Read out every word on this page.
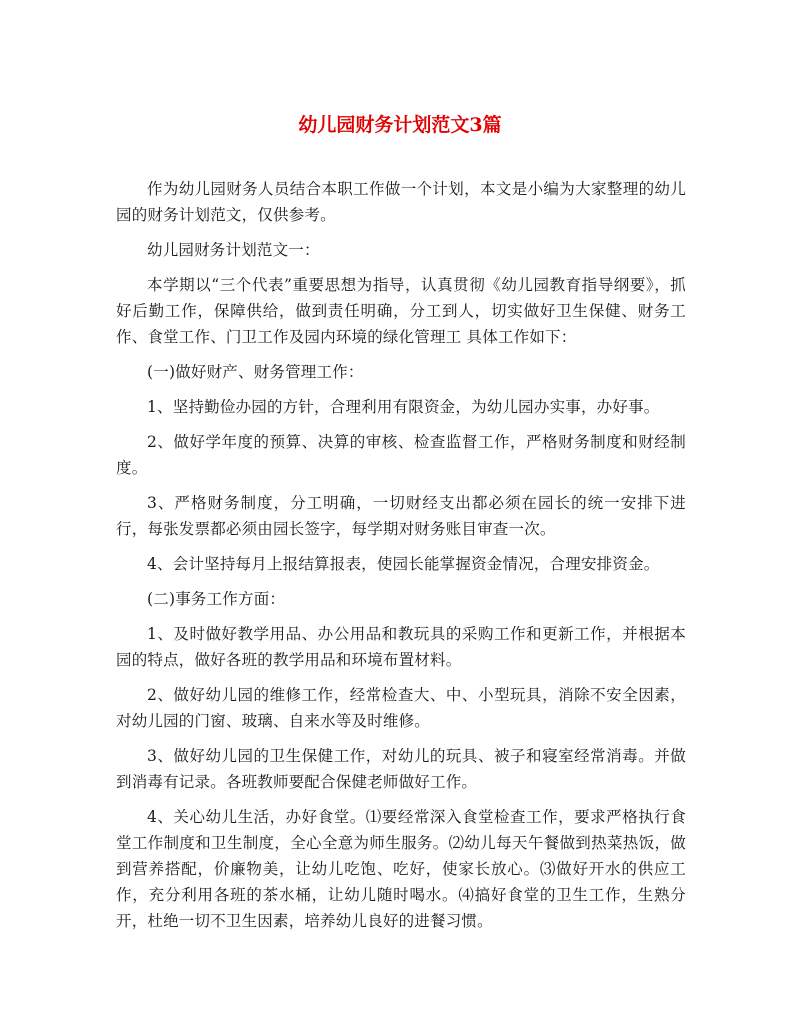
幼儿园财务计划范文3篇

作为幼儿园财务人员结合本职工作做一个计划，本文是小编为大家整理的幼儿园的财务计划范文，仅供参考。

幼儿园财务计划范文一：

本学期以“三个代表”重要思想为指导，认真贯彻《幼儿园教育指导纲要》，抓好后勤工作，保障供给，做到责任明确，分工到人，切实做好卫生保健、财务工作、食堂工作、门卫工作及园内环境的绿化管理工 具体工作如下：

(一)做好财产、财务管理工作：

1、坚持勤俭办园的方针，合理利用有限资金，为幼儿园办实事，办好事。

2、做好学年度的预算、决算的审核、检查监督工作，严格财务制度和财经制度。

3、严格财务制度，分工明确，一切财经支出都必须在园长的统一安排下进行，每张发票都必须由园长签字，每学期对财务账目审查一次。

4、会计坚持每月上报结算报表，使园长能掌握资金情况，合理安排资金。

(二)事务工作方面：

1、及时做好教学用品、办公用品和教玩具的采购工作和更新工作，并根据本园的特点，做好各班的教学用品和环境布置材料。

2、做好幼儿园的维修工作，经常检查大、中、小型玩具，消除不安全因素，对幼儿园的门窗、玻璃、自来水等及时维修。

3、做好幼儿园的卫生保健工作，对幼儿的玩具、被子和寝室经常消毒。并做到消毒有记录。各班教师要配合保健老师做好工作。

4、关心幼儿生活，办好食堂。⑴要经常深入食堂检查工作，要求严格执行食堂工作制度和卫生制度，全心全意为师生服务。⑵幼儿每天午餐做到热菜热饭，做到营养搭配，价廉物美，让幼儿吃饱、吃好，使家长放心。⑶做好开水的供应工作，充分利用各班的茶水桶，让幼儿随时喝水。⑷搞好食堂的卫生工作，生熟分开，杜绝一切不卫生因素，培养幼儿良好的进餐习惯。
